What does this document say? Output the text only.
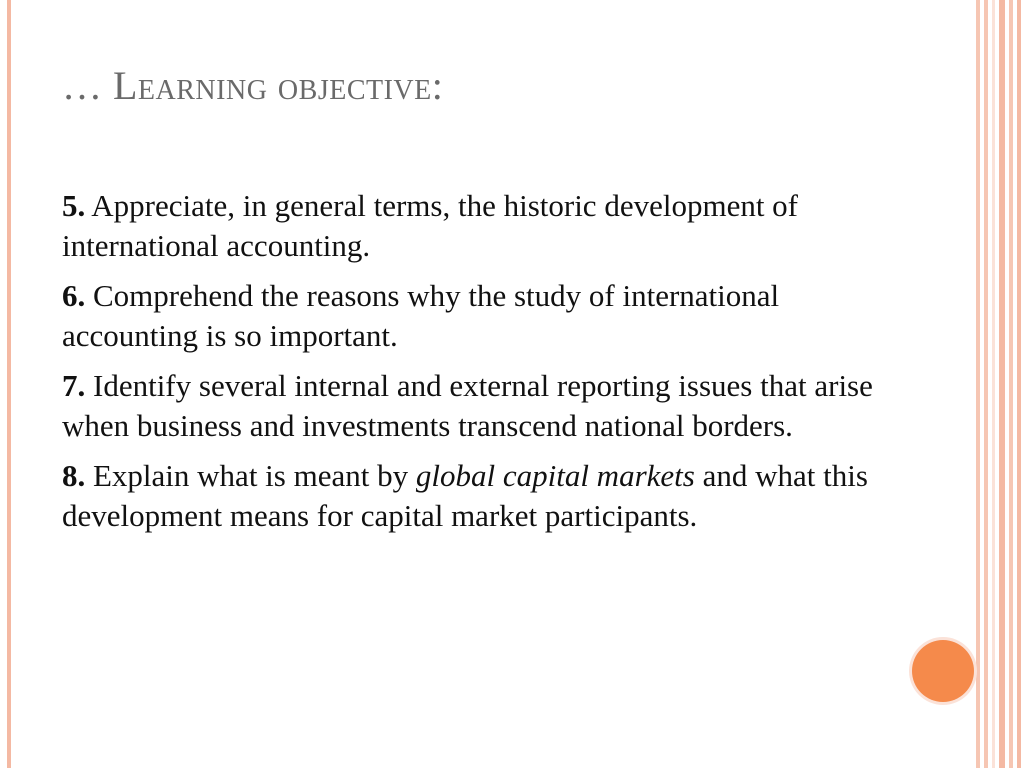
… Learning objective:

5. Appreciate, in general terms, the historic development of international accounting.

6. Comprehend the reasons why the study of international accounting is so important.

7. Identify several internal and external reporting issues that arise when business and investments transcend national borders.

8. Explain what is meant by global capital markets and what this development means for capital market participants.
